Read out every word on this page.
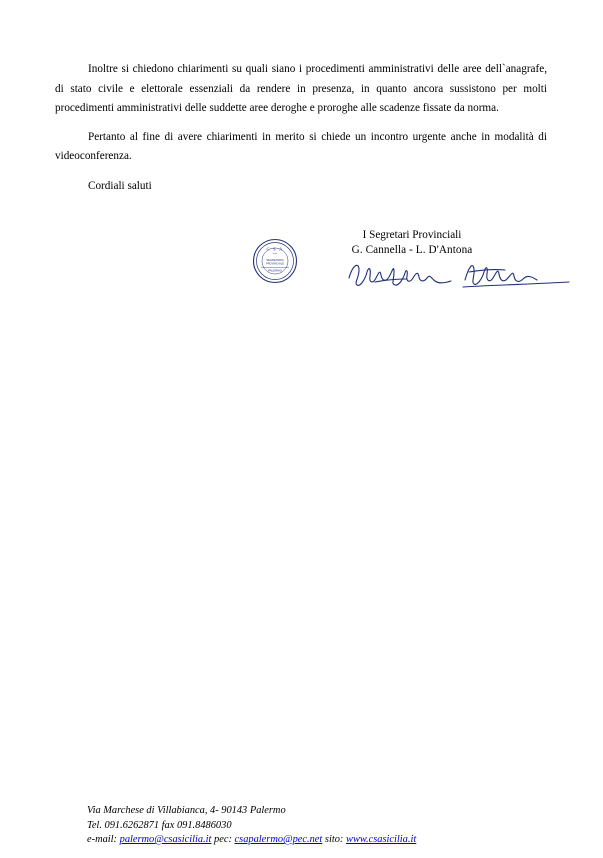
Inoltre si chiedono chiarimenti su quali siano i procedimenti amministrativi delle aree dell`anagrafe, di stato civile e elettorale essenziali da rendere in presenza, in quanto ancora sussistono per molti procedimenti amministrativi delle suddette aree deroghe e proroghe alle scadenze fissate da norma.

Pertanto al fine di avere chiarimenti in merito si chiede un incontro urgente anche in modalità di videoconferenza.

Cordiali saluti

I Segretari Provinciali
G. Cannella - L. D'Antona
C S A
***
SEGRETERIA
PROVINCIALE
PALERMO
Via Marchese di Villabianca, 4- 90143 Palermo
Tel. 091.6262871 fax 091.8486030
e-mail: palermo@csasicilia.it pec: csapalermo@pec.net sito: www.csasicilia.it
